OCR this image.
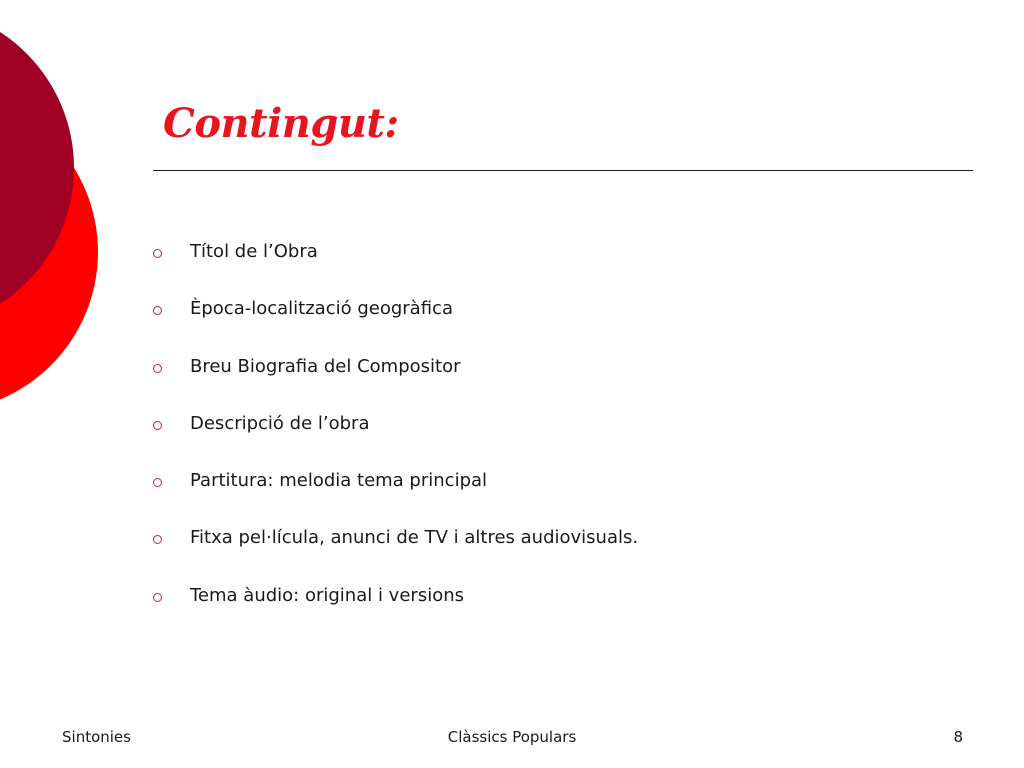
Contingut:
Títol de l’Obra
Època-localització geogràfica
Breu Biografia del Compositor
Descripció de l’obra
Partitura: melodia tema principal
Fitxa pel·lícula, anunci de TV i altres audiovisuals.
Tema àudio: original i versions
Clàssics Populars
Sintonies	8
